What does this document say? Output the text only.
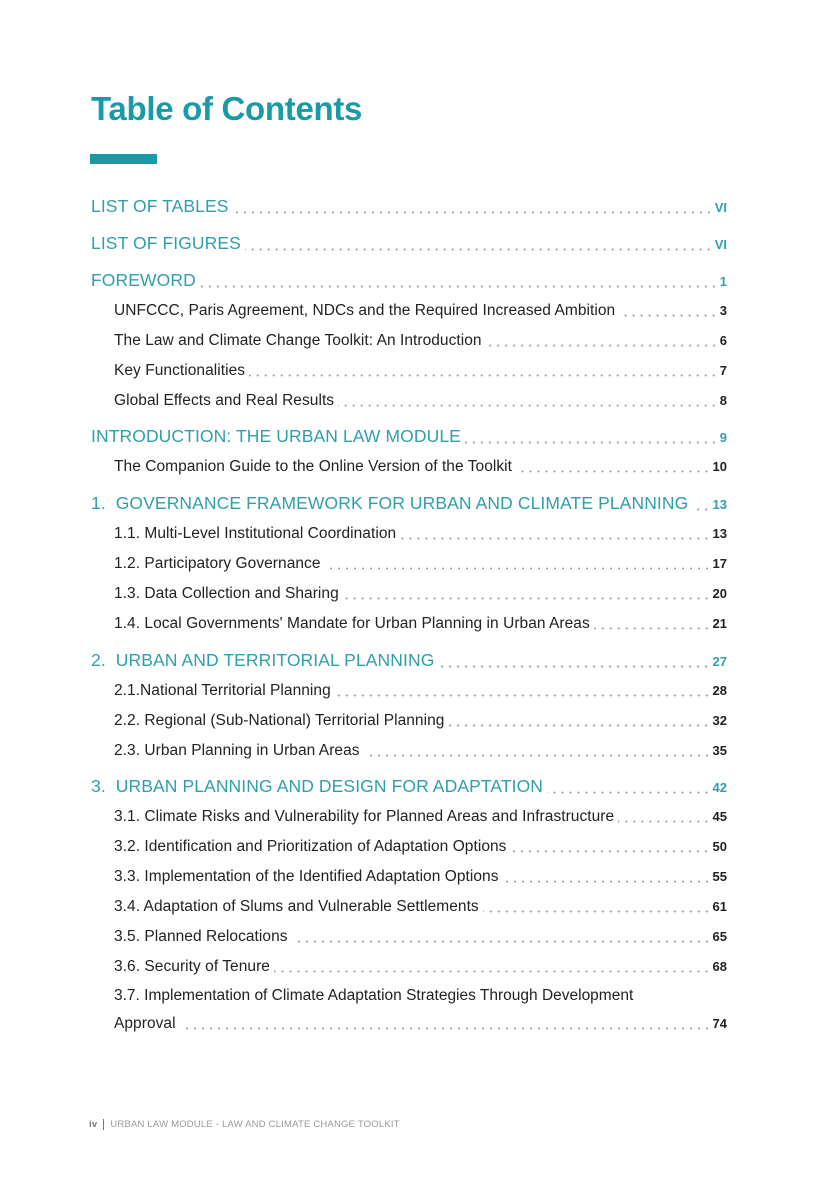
Table of Contents
LIST OF TABLES	VI
LIST OF FIGURES	VI
FOREWORD	1
UNFCCC, Paris Agreement, NDCs and the Required Increased Ambition	3
The Law and Climate Change Toolkit: An Introduction	6
Key Functionalities	7
Global Effects and Real Results	8
INTRODUCTION: THE URBAN LAW MODULE	9
The Companion Guide to the Online Version of the Toolkit	10
1.  GOVERNANCE FRAMEWORK FOR URBAN AND CLIMATE PLANNING 13
1.1. Multi-Level Institutional Coordination	13
1.2. Participatory Governance	17
1.3. Data Collection and Sharing	20
1.4. Local Governments' Mandate for Urban Planning in Urban Areas	21
2.  URBAN AND TERRITORIAL PLANNING	27
2.1.National Territorial Planning	28
2.2. Regional (Sub-National) Territorial Planning	32
2.3. Urban Planning in Urban Areas	35
3.  URBAN PLANNING AND DESIGN FOR ADAPTATION	42
3.1. Climate Risks and Vulnerability for Planned Areas and Infrastructure	45
3.2. Identification and Prioritization of Adaptation Options	50
3.3. Implementation of the Identified Adaptation Options	55
3.4. Adaptation of Slums and Vulnerable Settlements	61
3.5. Planned Relocations	65
3.6. Security of Tenure	68
3.7. Implementation of Climate Adaptation Strategies Through Development
Approval	74
iv URBAN LAW MODULE - LAW AND CLIMATE CHANGE TOOLKIT
